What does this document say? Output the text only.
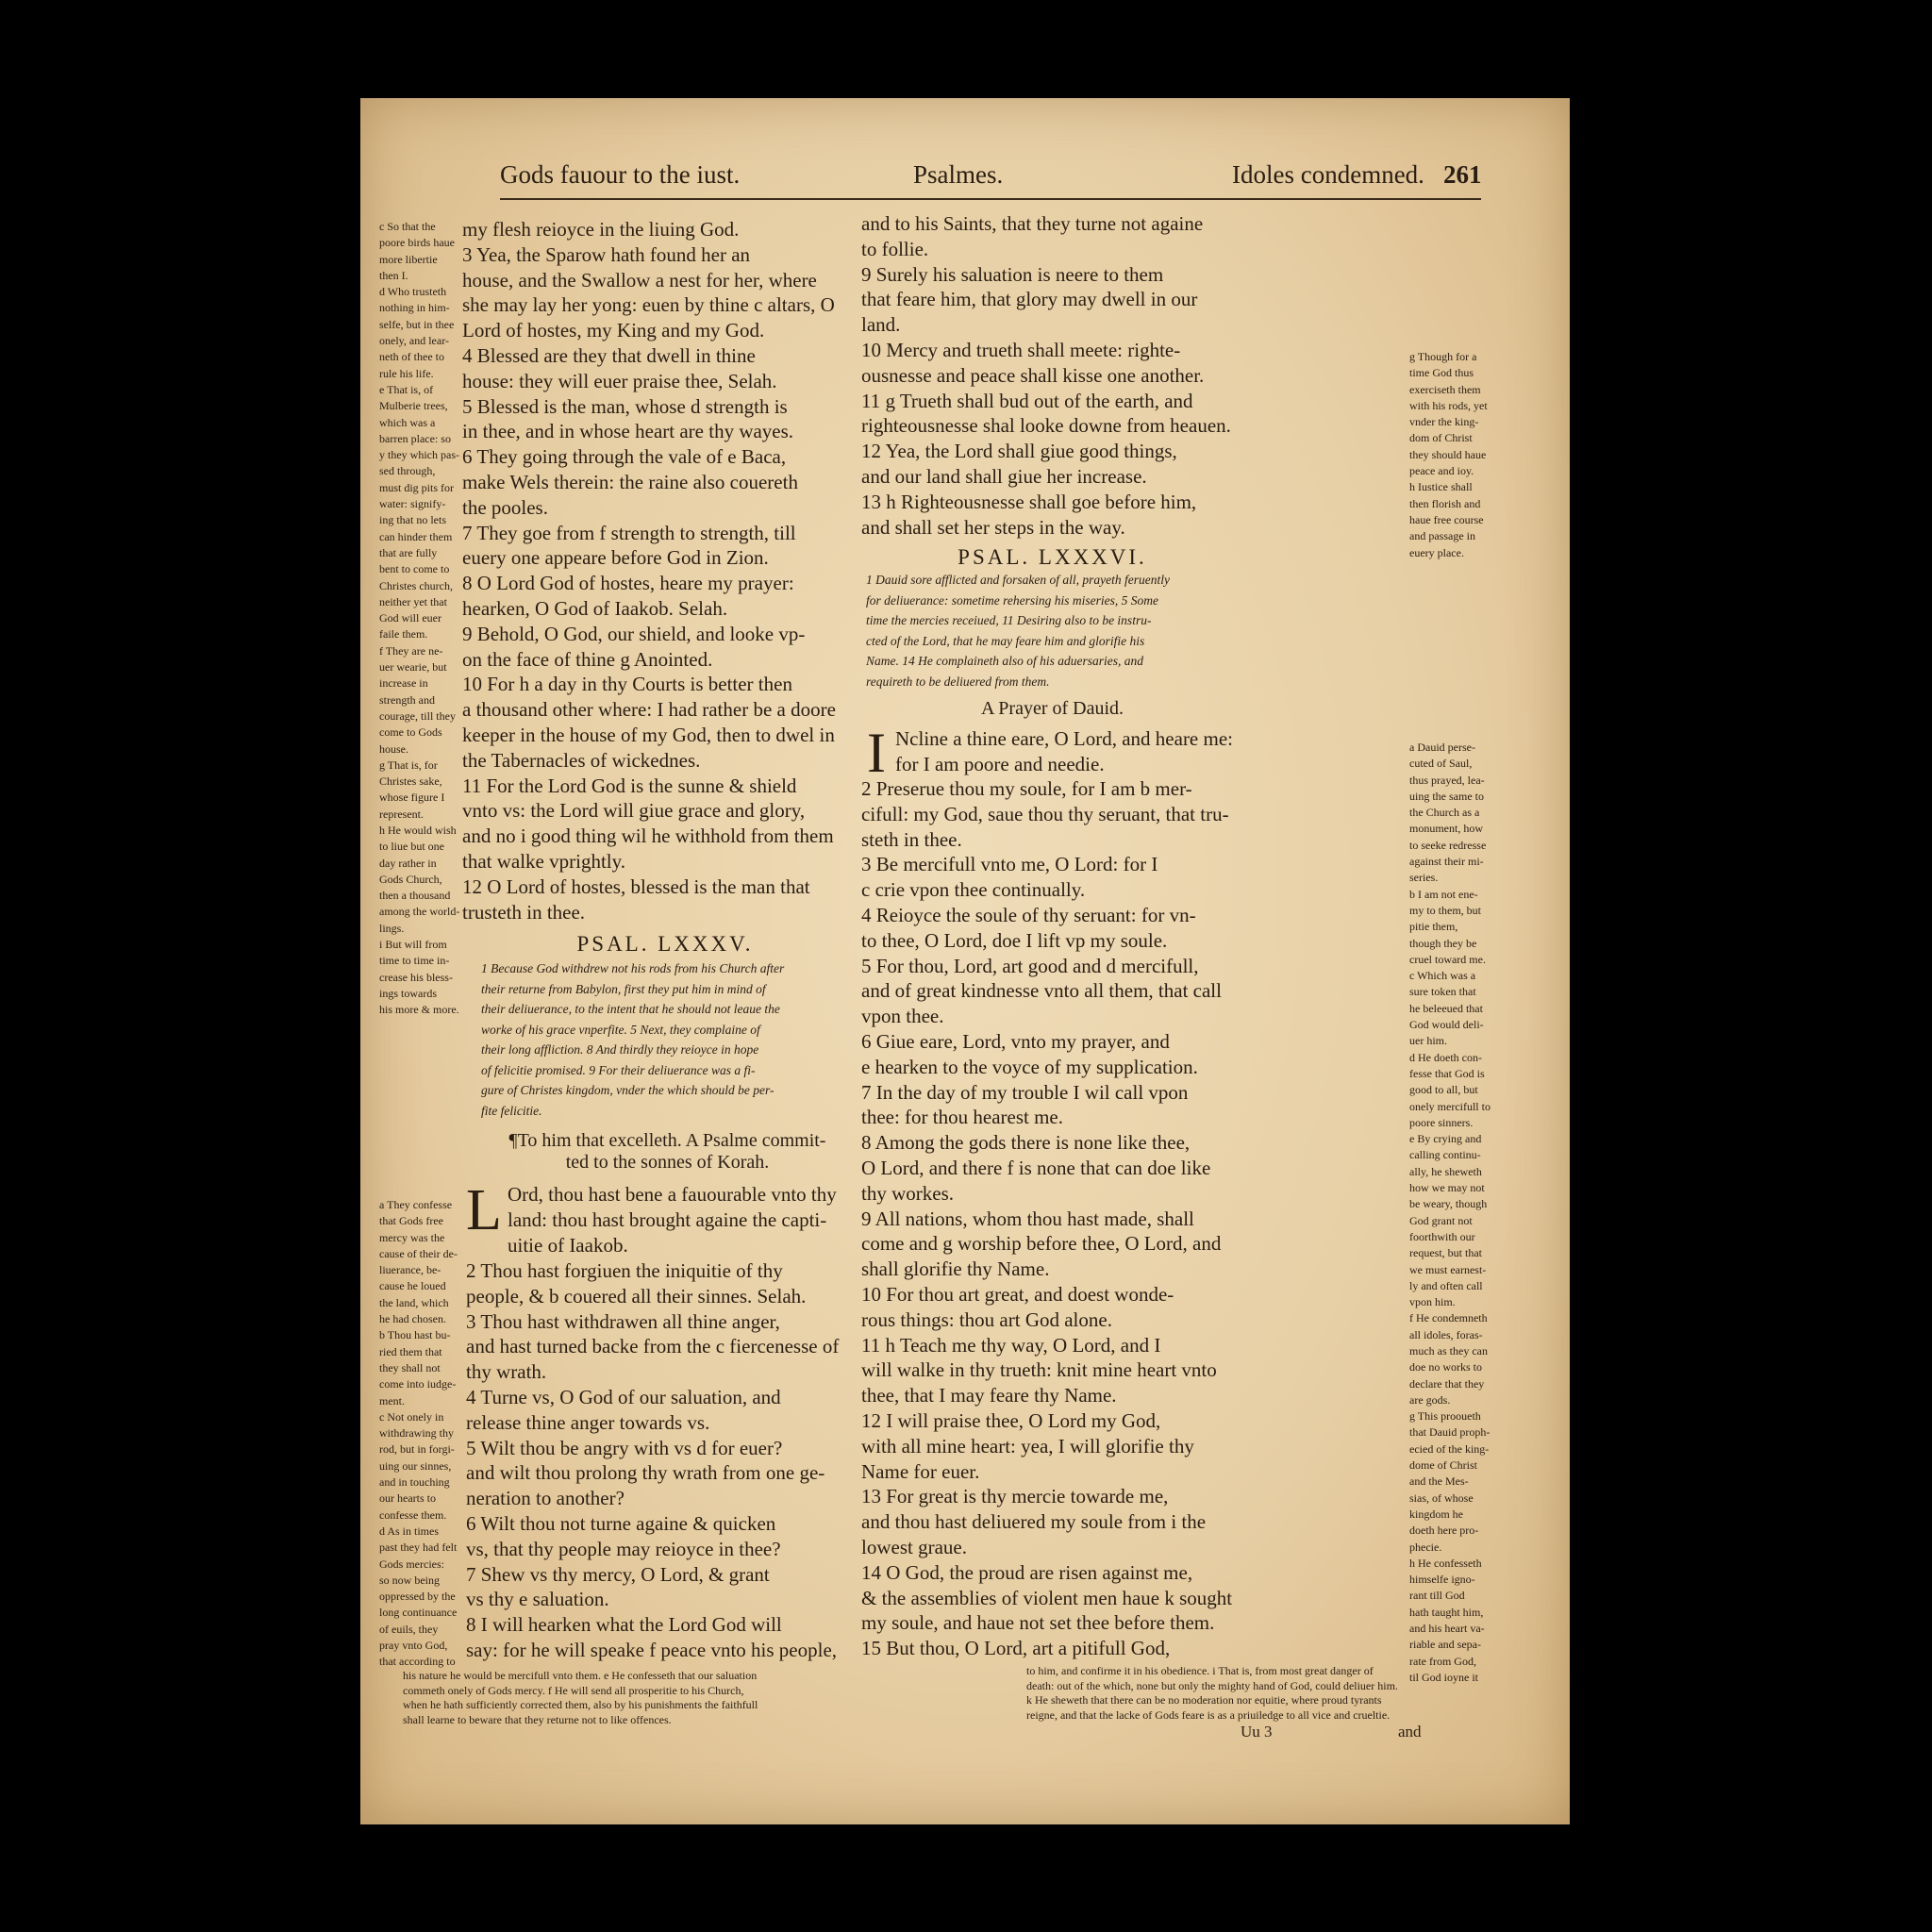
Gods fauour to the iust.	Psalmes.	Idoles condemned. 261

c So that the

poore birds haue

more libertie

then I.

d Who trusteth

nothing in him-

selfe, but in thee

onely, and lear-

neth of thee to

rule his life.

e That is, of

Mulberie trees,

which was a

barren place: so

y they which pas-

sed through,

must dig pits for

water: signify-

ing that no lets

can hinder them

that are fully

bent to come to

Christes church,

neither yet that

God will euer

faile them.

f They are ne-

uer wearie, but

increase in

strength and

courage, till they

come to Gods

house.

g That is, for

Christes sake,

whose figure I

represent.

h He would wish

to liue but one

day rather in

Gods Church,

then a thousand

among the world-

lings.

i But will from

time to time in-

crease his bless-

ings towards

his more & more.

a They confesse

that Gods free

mercy was the

cause of their de-

liuerance, be-

cause he loued

the land, which

he had chosen.

b Thou hast bu-

ried them that

they shall not

come into iudge-

ment.

c Not onely in

withdrawing thy

rod, but in forgi-

uing our sinnes,

and in touching

our hearts to

confesse them.

d As in times

past they had felt

Gods mercies:

so now being

oppressed by the

long continuance

of euils, they

pray vnto God,

that according to

my flesh reioyce in the liuing God.

3 Yea, the Sparow hath found her an

house, and the Swallow a nest for her, where

she may lay her yong: euen by thine c altars, O

Lord of hostes, my King and my God.

4 Blessed are they that dwell in thine

house: they will euer praise thee, Selah.

5 Blessed is the man, whose d strength is

in thee, and in whose heart are thy wayes.

6 They going through the vale of e Baca,

make Wels therein: the raine also couereth

the pooles.

7 They goe from f strength to strength, till

euery one appeare before God in Zion.

8 O Lord God of hostes, heare my prayer:

hearken, O God of Iaakob. Selah.

9 Behold, O God, our shield, and looke vp-

on the face of thine g Anointed.

10 For h a day in thy Courts is better then

a thousand other where: I had rather be a doore

keeper in the house of my God, then to dwel in

the Tabernacles of wickednes.

11 For the Lord God is the sunne & shield

vnto vs: the Lord will giue grace and glory,

and no i good thing wil he withhold from them

that walke vprightly.

12 O Lord of hostes, blessed is the man that

trusteth in thee.

PSAL. LXXXV.

1 Because God withdrew not his rods from his Church after

their returne from Babylon, first they put him in mind of

their deliuerance, to the intent that he should not leaue the

worke of his grace vnperfite. 5 Next, they complaine of

their long affliction. 8 And thirdly they reioyce in hope

of felicitie promised. 9 For their deliuerance was a fi-

gure of Christes kingdom, vnder the which should be per-

fite felicitie.

¶To him that excelleth. A Psalme commit-

ted to the sonnes of Korah.

L Ord, thou hast bene a fauourable vnto thy

land: thou hast brought againe the capti-

uitie of Iaakob.

2 Thou hast forgiuen the iniquitie of thy

people, & b couered all their sinnes. Selah.

3 Thou hast withdrawen all thine anger,

and hast turned backe from the c fiercenesse of

thy wrath.

4 Turne vs, O God of our saluation, and

release thine anger towards vs.

5 Wilt thou be angry with vs d for euer?

and wilt thou prolong thy wrath from one ge-

neration to another?

6 Wilt thou not turne againe & quicken

vs, that thy people may reioyce in thee?

7 Shew vs thy mercy, O Lord, & grant

vs thy e saluation.

8 I will hearken what the Lord God will

say: for he will speake f peace vnto his people,

his nature he would be mercifull vnto them. e He confesseth that our saluation

commeth onely of Gods mercy. f He will send all prosperitie to his Church,

when he hath sufficiently corrected them, also by his punishments the faithfull

shall learne to beware that they returne not to like offences.

and to his Saints, that they turne not againe

to follie.

9 Surely his saluation is neere to them

that feare him, that glory may dwell in our

land.

10 Mercy and trueth shall meete: righte-

ousnesse and peace shall kisse one another.

11 g Trueth shall bud out of the earth, and

righteousnesse shal looke downe from heauen.

12 Yea, the Lord shall giue good things,

and our land shall giue her increase.

13 h Righteousnesse shall goe before him,

and shall set her steps in the way.

g Though for a

time God thus

exerciseth them

with his rods, yet

vnder the king-

dom of Christ

they should haue

peace and ioy.

h Iustice shall

then florish and

haue free course

and passage in

euery place.

PSAL. LXXXVI.

1 Dauid sore afflicted and forsaken of all, prayeth feruently

for deliuerance: sometime rehersing his miseries, 5 Some

time the mercies receiued, 11 Desiring also to be instru-

cted of the Lord, that he may feare him and glorifie his

Name. 14 He complaineth also of his aduersaries, and

requireth to be deliuered from them.

A Prayer of Dauid.
I Ncline a thine eare, O Lord, and heare me:

for I am poore and needie.

2 Preserue thou my soule, for I am b mer-

cifull: my God, saue thou thy seruant, that tru-

steth in thee.

3 Be mercifull vnto me, O Lord: for I

c crie vpon thee continually.

4 Reioyce the soule of thy seruant: for vn-

to thee, O Lord, doe I lift vp my soule.

5 For thou, Lord, art good and d mercifull,

and of great kindnesse vnto all them, that call

vpon thee.

6 Giue eare, Lord, vnto my prayer, and

e hearken to the voyce of my supplication.

7 In the day of my trouble I wil call vpon

thee: for thou hearest me.

8 Among the gods there is none like thee,

O Lord, and there f is none that can doe like

thy workes.

9 All nations, whom thou hast made, shall

come and g worship before thee, O Lord, and

shall glorifie thy Name.

10 For thou art great, and doest wonde-

rous things: thou art God alone.

11 h Teach me thy way, O Lord, and I

will walke in thy trueth: knit mine heart vnto

thee, that I may feare thy Name.

12 I will praise thee, O Lord my God,

with all mine heart: yea, I will glorifie thy

Name for euer.

13 For great is thy mercie towarde me,

and thou hast deliuered my soule from i the

lowest graue.

14 O God, the proud are risen against me,

& the assemblies of violent men haue k sought

my soule, and haue not set thee before them.

15 But thou, O Lord, art a pitifull God,

a Dauid perse-

cuted of Saul,

thus prayed, lea-

uing the same to

the Church as a

monument, how

to seeke redresse

against their mi-

series.

b I am not ene-

my to them, but

pitie them,

though they be

cruel toward me.

c Which was a

sure token that

he beleeued that

God would deli-

uer him.

d He doeth con-

fesse that God is

good to all, but

onely mercifull to

poore sinners.

e By crying and

calling continu-

ally, he sheweth

how we may not

be weary, though

God grant not

foorthwith our

request, but that

we must earnest-

ly and often call

vpon him.

f He condemneth

all idoles, foras-

much as they can

doe no works to

declare that they

are gods.

g This prooueth

that Dauid proph-

ecied of the king-

dome of Christ

and the Mes-

sias, of whose

kingdom he

doeth here pro-

phecie.

h He confesseth

himselfe igno-

rant till God

hath taught him,

and his heart va-

riable and sepa-

rate from God,

til God ioyne it

to him, and confirme it in his obedience. i That is, from most great danger of

death: out of the which, none but only the mighty hand of God, could deliuer him.

k He sheweth that there can be no moderation nor equitie, where proud tyrants

reigne, and that the lacke of Gods feare is as a priuiledge to all vice and crueltie.

Uu 3	and
